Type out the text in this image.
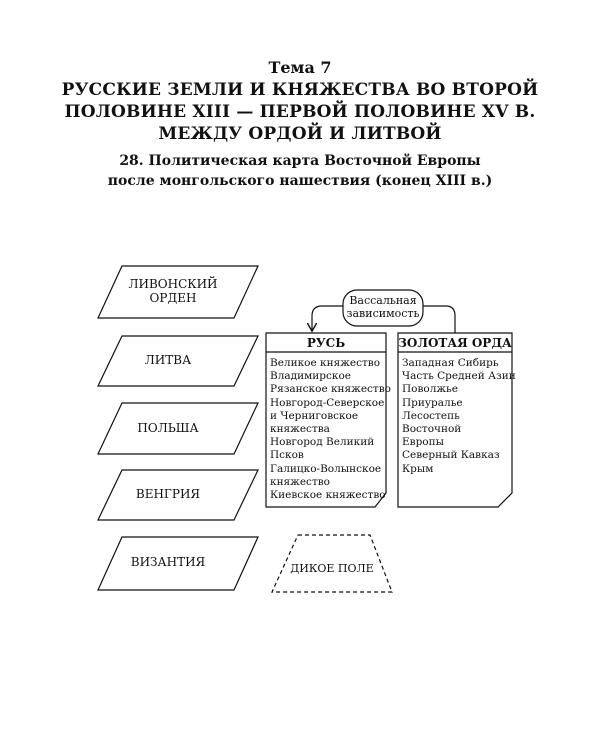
Тема 7
РУССКИЕ ЗЕМЛИ И КНЯЖЕСТВА ВО ВТОРОЙ
ПОЛОВИНЕ XIII — ПЕРВОЙ ПОЛОВИНЕ XV В.
МЕЖДУ ОРДОЙ И ЛИТВОЙ
28. Политическая карта Восточной Европы
после монгольского нашествия (конец XIII в.)
ЛИВОНСКИЙ
ОРДЕН
ЛИТВА
ПОЛЬША
ВЕНГРИЯ
ВИЗАНТИЯ
Вассальная
зависимость
РУСЬ
Великое княжество
Владимирское
Рязанское княжество
Новгород-Северское
и Черниговское
княжества
Новгород Великий
Псков
Галицко-Волынское
княжество
Киевское княжество
ЗОЛОТАЯ ОРДА
Западная Сибирь
Часть Средней Азии
Поволжье
Приуралье
Лесостепь
Восточной
Европы
Северный Кавказ
Крым
ДИКОЕ ПОЛЕ
